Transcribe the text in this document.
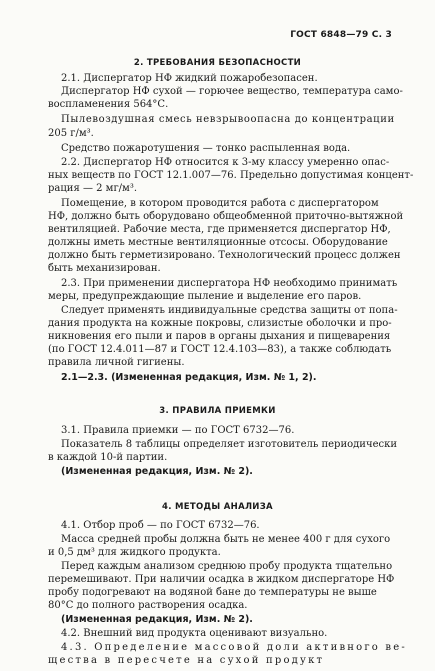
ГОСТ 6848—79 С. 3
2. ТРЕБОВАНИЯ БЕЗОПАСНОСТИ

2.1. Диспергатор НФ жидкий пожаробезопасен.

Диспергатор НФ сухой — горючее вещество, температура само-

воспламенения 564°С.

Пылевоздушная смесь невзрывоопасна до концентрации

205 г/м³.

Средство пожаротушения — тонко распыленная вода.

2.2. Диспергатор НФ относится к 3-му классу умеренно опас-

ных веществ по ГОСТ 12.1.007—76. Предельно допустимая концент-

рация — 2 мг/м³.

Помещение, в котором проводится работа с диспергатором

НФ, должно быть оборудовано общеобменной приточно-вытяжной

вентиляцией. Рабочие места, где применяется диспергатор НФ,

должны иметь местные вентиляционные отсосы. Оборудование

должно быть герметизировано. Технологический процесс должен

быть механизирован.

2.3. При применении диспергатора НФ необходимо принимать

меры, предупреждающие пыление и выделение его паров.

Следует применять индивидуальные средства защиты от попа-

дания продукта на кожные покровы, слизистые оболочки и про-

никновения его пыли и паров в органы дыхания и пищеварения

(по ГОСТ 12.4.011—87 и ГОСТ 12.4.103—83), а также соблюдать

правила личной гигиены.

2.1—2.3. (Измененная редакция, Изм. № 1, 2).

3. ПРАВИЛА ПРИЕМКИ

3.1. Правила приемки — по ГОСТ 6732—76.

Показатель 8 таблицы определяет изготовитель периодически

в каждой 10-й партии.

(Измененная редакция, Изм. № 2).

4. МЕТОДЫ АНАЛИЗА

4.1. Отбор проб — по ГОСТ 6732—76.

Масса средней пробы должна быть не менее 400 г для сухого

и 0,5 дм³ для жидкого продукта.

Перед каждым анализом среднюю пробу продукта тщательно

перемешивают. При наличии осадка в жидком диспергаторе НФ

пробу подогревают на водяной бане до температуры не выше

80°С до полного растворения осадка.

(Измененная редакция, Изм. № 2).

4.2. Внешний вид продукта оценивают визуально.

4.3. Определение массовой доли активного ве-

щества в пересчете на сухой продукт
